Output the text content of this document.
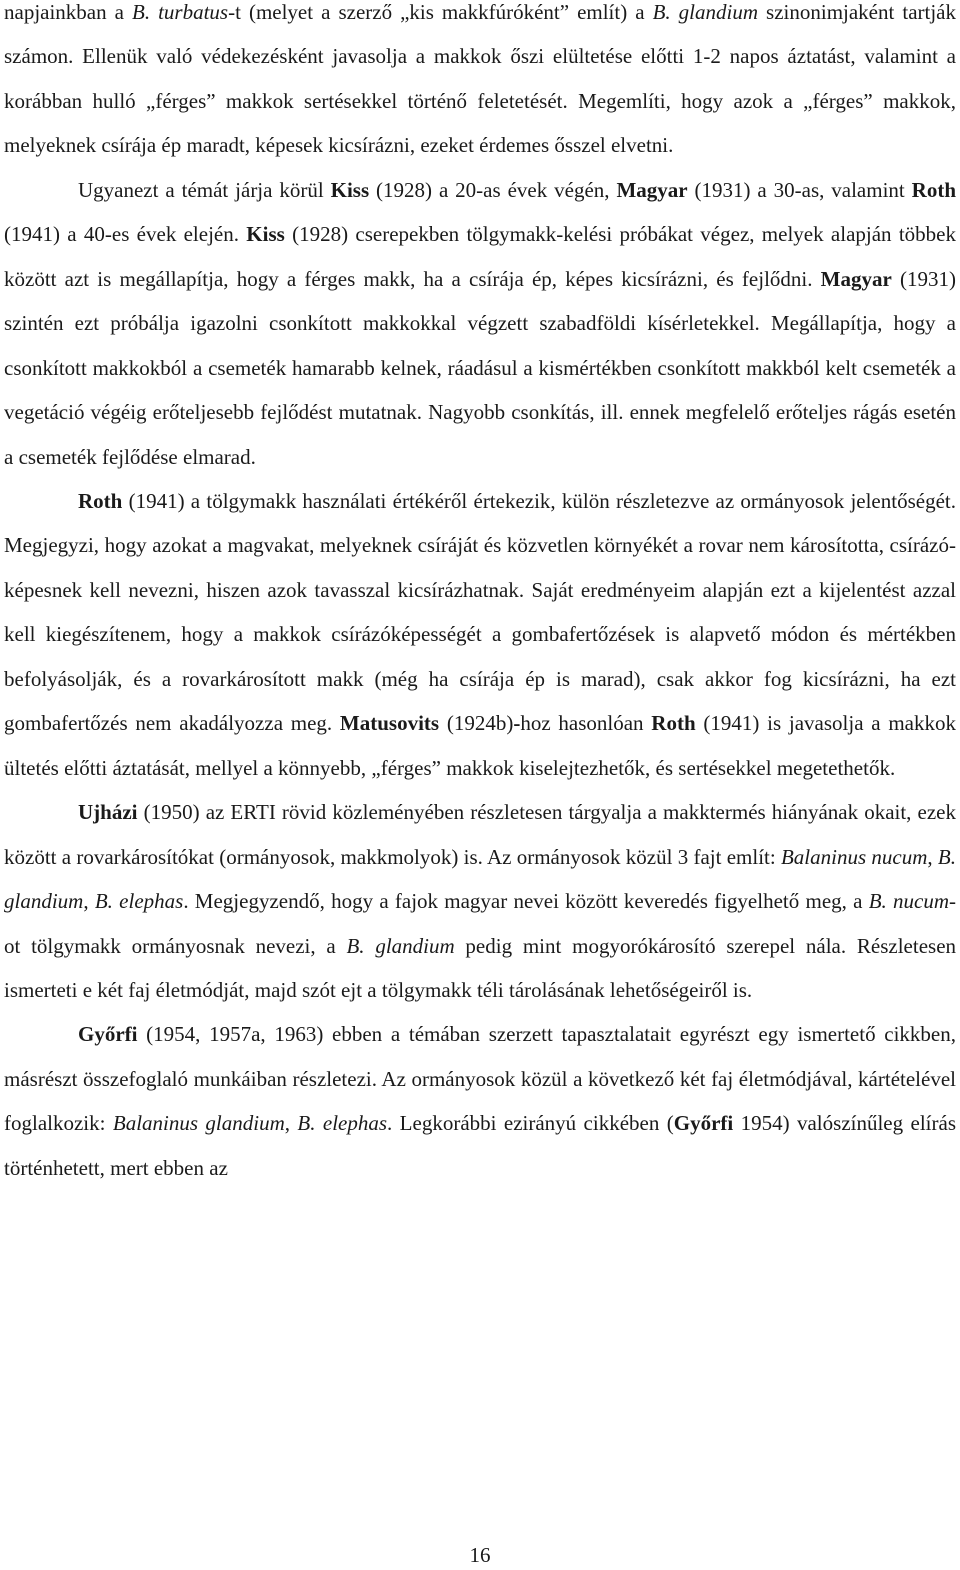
napjainkban a B. turbatus-t (melyet a szerző „kis makkfúróként” említ) a B. glandium szinonimjaként tartják számon. Ellenük való védekezésként javasolja a makkok őszi elültetése előtti 1-2 napos áztatást, valamint a korábban hulló „férges” makkok sertésekkel történő feletetését. Megemlíti, hogy azok a „férges” makkok, melyeknek csírája ép maradt, képesek kicsírázni, ezeket érdemes ősszel elvetni.

Ugyanezt a témát járja körül Kiss (1928) a 20-as évek végén, Magyar (1931) a 30-as, valamint Roth (1941) a 40-es évek elején. Kiss (1928) cserepekben tölgymakk-kelési próbákat végez, melyek alapján többek között azt is megállapítja, hogy a férges makk, ha a csírája ép, képes kicsírázni, és fejlődni. Magyar (1931) szintén ezt próbálja igazolni csonkított makkokkal végzett szabadföldi kísérletekkel. Megállapítja, hogy a csonkított makkokból a csemeték hamarabb kelnek, ráadásul a kismértékben csonkított makkból kelt csemeték a vegetáció végéig erőteljesebb fejlődést mutatnak. Nagyobb csonkítás, ill. ennek megfelelő erőteljes rágás esetén a csemeték fejlődése elmarad.

Roth (1941) a tölgymakk használati értékéről értekezik, külön részletezve az ormányosok jelentőségét. Megjegyzi, hogy azokat a magvakat, melyeknek csíráját és közvetlen környékét a rovar nem károsította, csírázó-képesnek kell nevezni, hiszen azok tavasszal kicsírázhatnak. Saját eredményeim alapján ezt a kijelentést azzal kell kiegészítenem, hogy a makkok csírázóképességét a gombafertőzések is alapvető módon és mértékben befolyásolják, és a rovarkárosított makk (még ha csírája ép is marad), csak akkor fog kicsírázni, ha ezt gombafertőzés nem akadályozza meg. Matusovits (1924b)-hoz hasonlóan Roth (1941) is javasolja a makkok ültetés előtti áztatását, mellyel a könnyebb, „férges” makkok kiselejtezhetők, és sertésekkel megetethetők.

Ujházi (1950) az ERTI rövid közleményében részletesen tárgyalja a makktermés hiányának okait, ezek között a rovarkárosítókat (ormányosok, makkmolyok) is. Az ormányosok közül 3 fajt említ: Balaninus nucum, B. glandium, B. elephas. Megjegyzendő, hogy a fajok magyar nevei között keveredés figyelhető meg, a B. nucum-ot tölgymakk ormányosnak nevezi, a B. glandium pedig mint mogyorókárosító szerepel nála. Részletesen ismerteti e két faj életmódját, majd szót ejt a tölgymakk téli tárolásának lehetőségeiről is.

Győrfi (1954, 1957a, 1963) ebben a témában szerzett tapasztalatait egyrészt egy ismertető cikkben, másrészt összefoglaló munkáiban részletezi. Az ormányosok közül a következő két faj életmódjával, kártételével foglalkozik: Balaninus glandium, B. elephas. Legkorábbi ezirányú cikkében (Győrfi 1954) valószínűleg elírás történhetett, mert ebben az

16
